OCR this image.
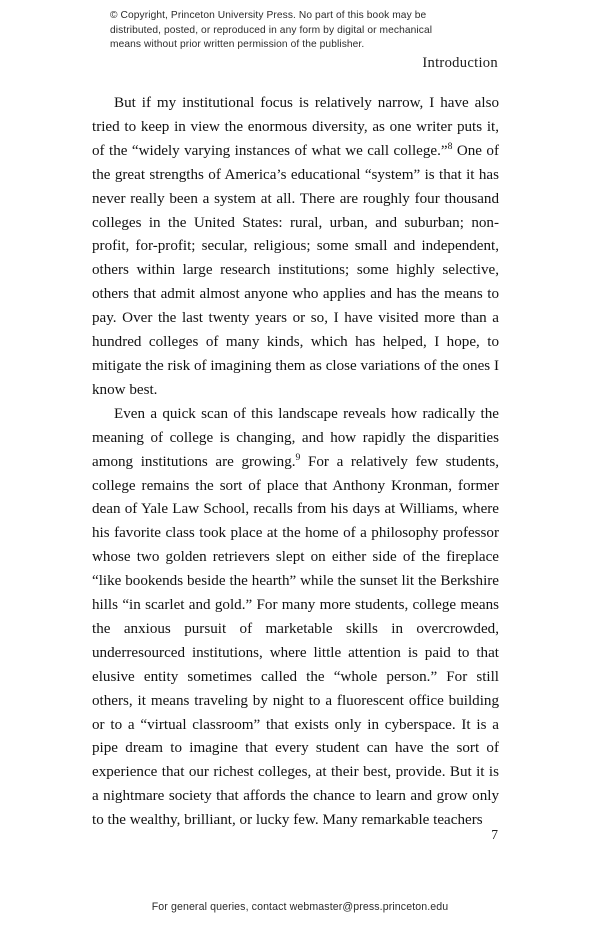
© Copyright, Princeton University Press. No part of this book may be
distributed, posted, or reproduced in any form by digital or mechanical
means without prior written permission of the publisher.
Introduction

But if my institutional focus is relatively narrow, I have also tried to keep in view the enormous diversity, as one writer puts it, of the “widely varying instances of what we call college.”$^8$ One of the great strengths of America’s educational “system” is that it has never really been a system at all. There are roughly four thousand colleges in the United States: rural, urban, and suburban; non-profit, for-profit; secular, religious; some small and independent, others within large research institutions; some highly selective, others that admit almost anyone who applies and has the means to pay. Over the last twenty years or so, I have visited more than a hundred colleges of many kinds, which has helped, I hope, to mitigate the risk of imagining them as close variations of the ones I know best.

Even a quick scan of this landscape reveals how radically the meaning of college is changing, and how rapidly the disparities among institutions are growing.$^9$ For a relatively few students, college remains the sort of place that Anthony Kronman, former dean of Yale Law School, recalls from his days at Williams, where his favorite class took place at the home of a philosophy professor whose two golden retrievers slept on either side of the fireplace “like bookends beside the hearth” while the sunset lit the Berkshire hills “in scarlet and gold.” For many more students, college means the anxious pursuit of marketable skills in overcrowded, underresourced institutions, where little attention is paid to that elusive entity sometimes called the “whole person.” For still others, it means traveling by night to a fluorescent office building or to a “virtual classroom” that exists only in cyberspace. It is a pipe dream to imagine that every student can have the sort of experience that our richest colleges, at their best, provide. But it is a nightmare society that affords the chance to learn and grow only to the wealthy, brilliant, or lucky few. Many remarkable teachers

7
For general queries, contact webmaster@press.princeton.edu
